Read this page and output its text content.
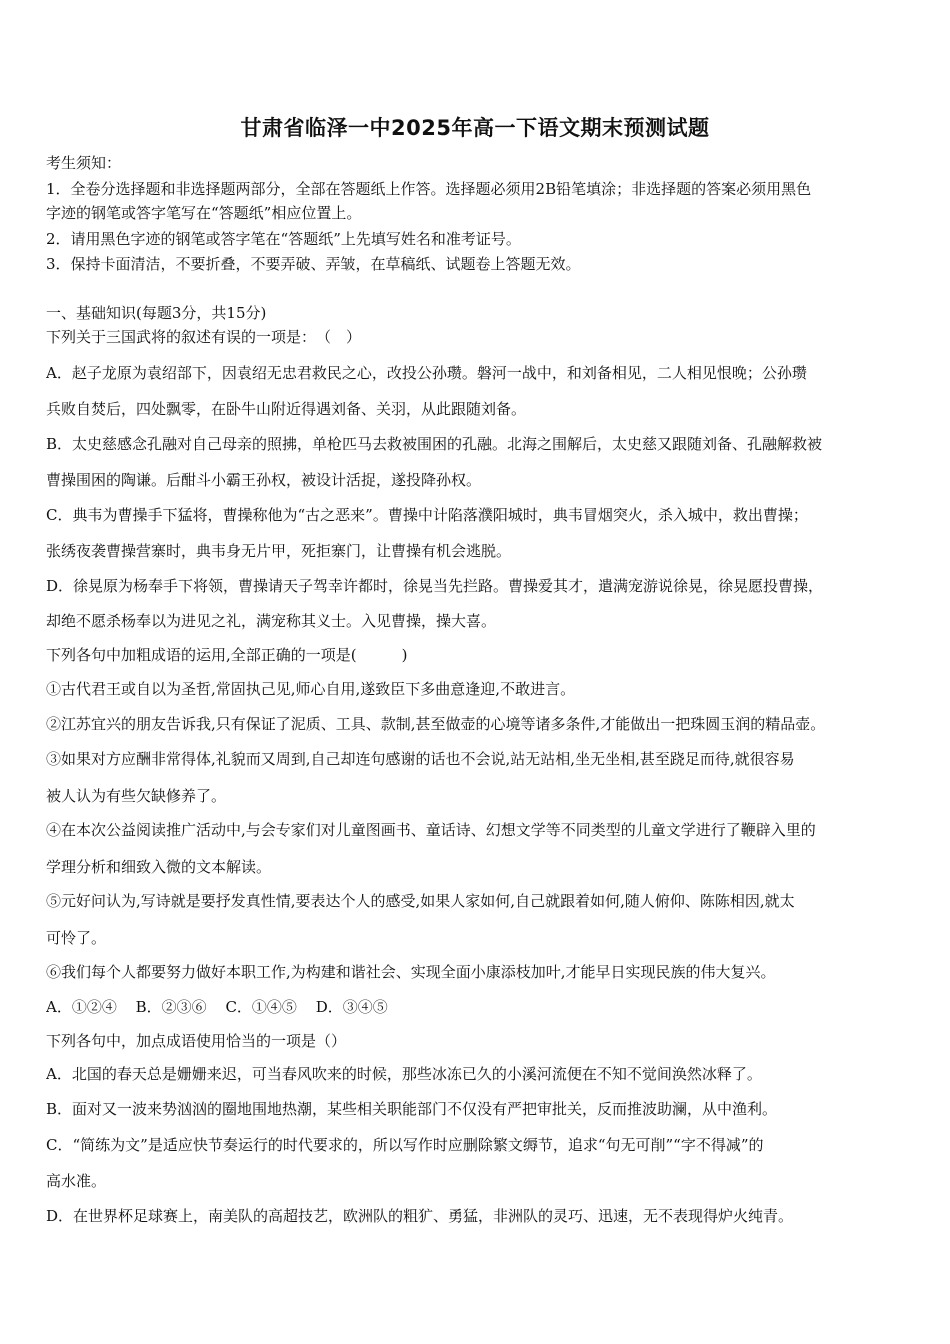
甘肃省临泽一中2025年高一下语文期末预测试题
考生须知：
1．全卷分选择题和非选择题两部分，全部在答题纸上作答。选择题必须用2B铅笔填涂；非选择题的答案必须用黑色
字迹的钢笔或答字笔写在“答题纸”相应位置上。
2．请用黑色字迹的钢笔或答字笔在“答题纸”上先填写姓名和准考证号。
3．保持卡面清洁，不要折叠，不要弄破、弄皱，在草稿纸、试题卷上答题无效。
一、基础知识(每题3分，共15分)
下列关于三国武将的叙述有误的一项是：　（　）
A．赵子龙原为袁绍部下，因袁绍无忠君救民之心，改投公孙瓒。磐河一战中，和刘备相见，二人相见恨晚；公孙瓒
兵败自焚后，四处飘零，在卧牛山附近得遇刘备、关羽，从此跟随刘备。
B．太史慈感念孔融对自己母亲的照拂，单枪匹马去救被围困的孔融。北海之围解后，太史慈又跟随刘备、孔融解救被
曹操围困的陶谦。后酣斗小霸王孙权，被设计活捉，遂投降孙权。
C．典韦为曹操手下猛将，曹操称他为“古之恶来”。曹操中计陷落濮阳城时，典韦冒烟突火，杀入城中，救出曹操；
张绣夜袭曹操营寨时，典韦身无片甲，死拒寨门，让曹操有机会逃脱。
D．徐晃原为杨奉手下将领，曹操请天子驾幸许都时，徐晃当先拦路。曹操爱其才，遣满宠游说徐晃，徐晃愿投曹操，
却绝不愿杀杨奉以为进见之礼，满宠称其义士。入见曹操，操大喜。
下列各句中加粗成语的运用,全部正确的一项是(　　　)
①古代君王或自以为圣哲,常固执己见,师心自用,遂致臣下多曲意逢迎,不敢进言。
②江苏宜兴的朋友告诉我,只有保证了泥质、工具、款制,甚至做壶的心境等诸多条件,才能做出一把珠圆玉润的精品壶。
③如果对方应酬非常得体,礼貌而又周到,自己却连句感谢的话也不会说,站无站相,坐无坐相,甚至跷足而待,就很容易
被人认为有些欠缺修养了。
④在本次公益阅读推广活动中,与会专家们对儿童图画书、童话诗、幻想文学等不同类型的儿童文学进行了鞭辟入里的
学理分析和细致入微的文本解读。
⑤元好问认为,写诗就是要抒发真性情,要表达个人的感受,如果人家如何,自己就跟着如何,随人俯仰、陈陈相因,就太
可怜了。
⑥我们每个人都要努力做好本职工作,为构建和谐社会、实现全面小康添枝加叶,才能早日实现民族的伟大复兴。
A．①②④ B．②③⑥ C．①④⑤ D．③④⑤
下列各句中，加点成语使用恰当的一项是（）
A．北国的春天总是姗姗来迟，可当春风吹来的时候，那些冰冻已久的小溪河流便在不知不觉间涣然冰释了。
B．面对又一波来势汹汹的圈地围地热潮，某些相关职能部门不仅没有严把审批关，反而推波助澜，从中渔利。
C．“简练为文”是适应快节奏运行的时代要求的，所以写作时应删除繁文缛节，追求“句无可削”“字不得减”的
高水准。
D．在世界杯足球赛上，南美队的高超技艺，欧洲队的粗犷、勇猛，非洲队的灵巧、迅速，无不表现得炉火纯青。
